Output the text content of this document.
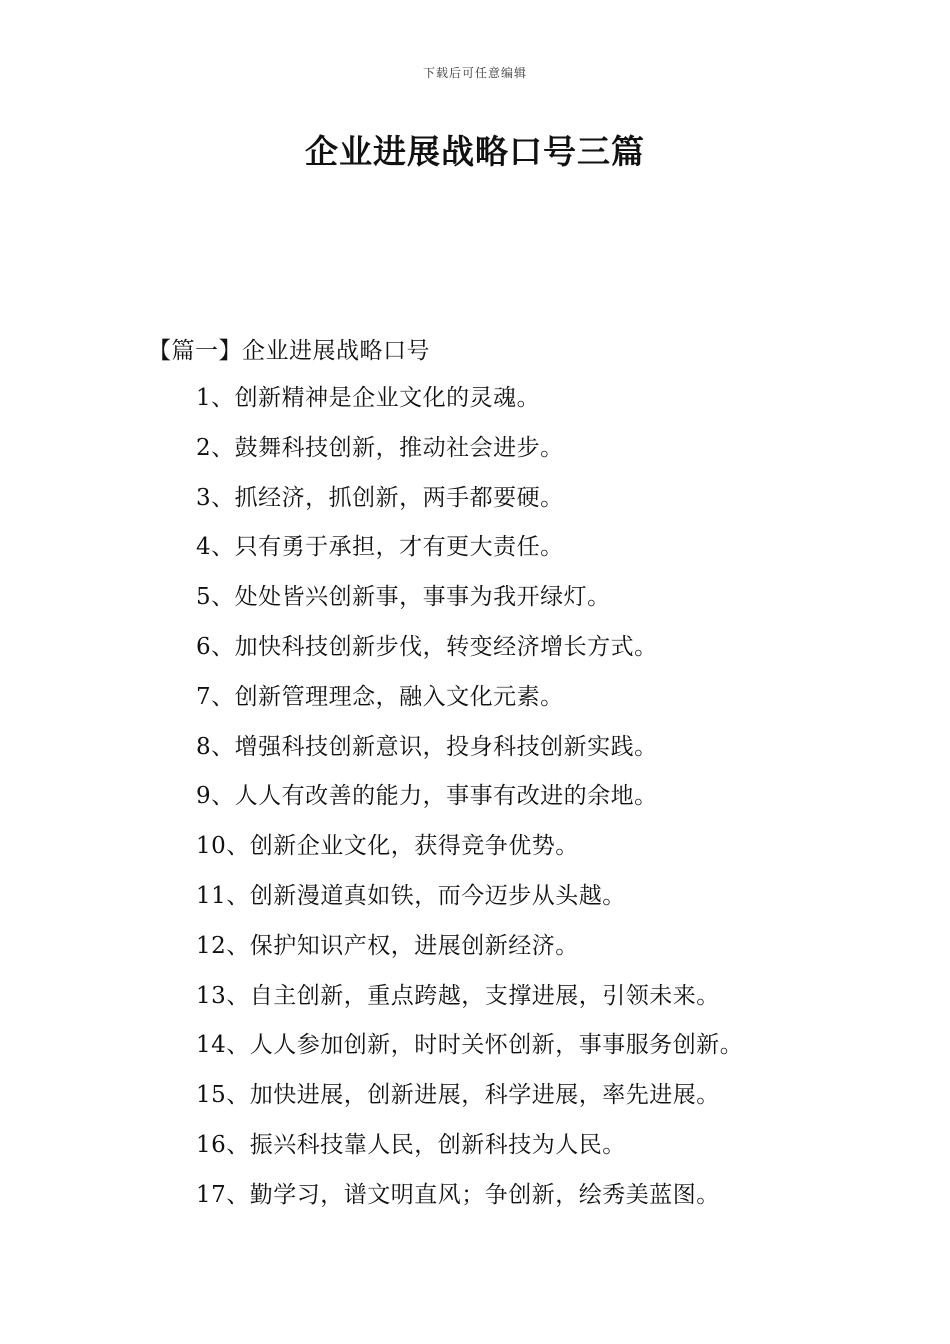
下载后可任意编辑
企业进展战略口号三篇
【篇一】企业进展战略口号
1、创新精神是企业文化的灵魂。
2、鼓舞科技创新，推动社会进步。
3、抓经济，抓创新，两手都要硬。
4、只有勇于承担，才有更大责任。
5、处处皆兴创新事，事事为我开绿灯。
6、加快科技创新步伐，转变经济增长方式。
7、创新管理理念，融入文化元素。
8、增强科技创新意识，投身科技创新实践。
9、人人有改善的能力，事事有改进的余地。
10、创新企业文化，获得竞争优势。
11、创新漫道真如铁，而今迈步从头越。
12、保护知识产权，进展创新经济。
13、自主创新，重点跨越，支撑进展，引领未来。
14、人人参加创新，时时关怀创新，事事服务创新。
15、加快进展，创新进展，科学进展，率先进展。
16、振兴科技靠人民，创新科技为人民。
17、勤学习，谱文明直风；争创新，绘秀美蓝图。
